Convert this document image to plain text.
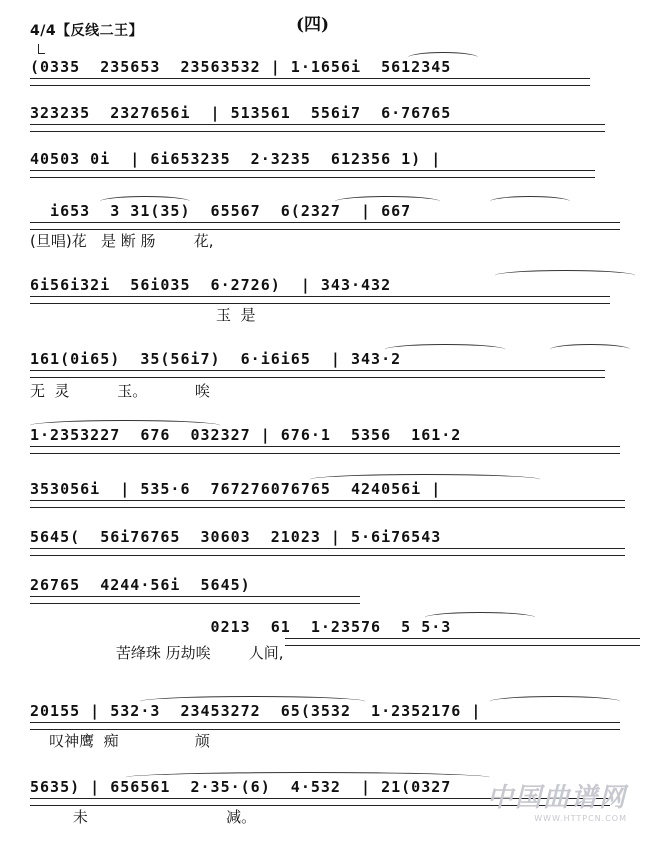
4/4【反线二王】	(四)
(0335  235653  23563532 | 1·1656i  5612345
323235  2327656i  | 513561  556i7  6·76765
40503 0i  | 6i653235  2·3235  612356 1) |
i653  3 31(35)  65567  6(2327  | 667
(旦唱)花   是 断 肠        花,
6i56i32i  56i035  6·2726)  | 343·432
玉  是
161(0i65)  35(56i7)  6·i6i65  | 343·2
无  灵          玉。          唉
1·2353227  676  032327 | 676·1  5356  161·2
353056i  | 535·6  767276076765  424056i |
5645(  56i76765  30603  21023 | 5·6i76543
26765  4244·56i  5645)
0213  61  1·23576  5 5·3
苦绛珠 历劫唉        人间,
20155 | 532·3  23453272  65(3532  1·2352176 |
叹神鹰  痴                颃
5635) | 656561  2·35·(6)  4·532  | 21(0327
未                             减。
中国曲谱网
WWW.HTTPCN.COM
